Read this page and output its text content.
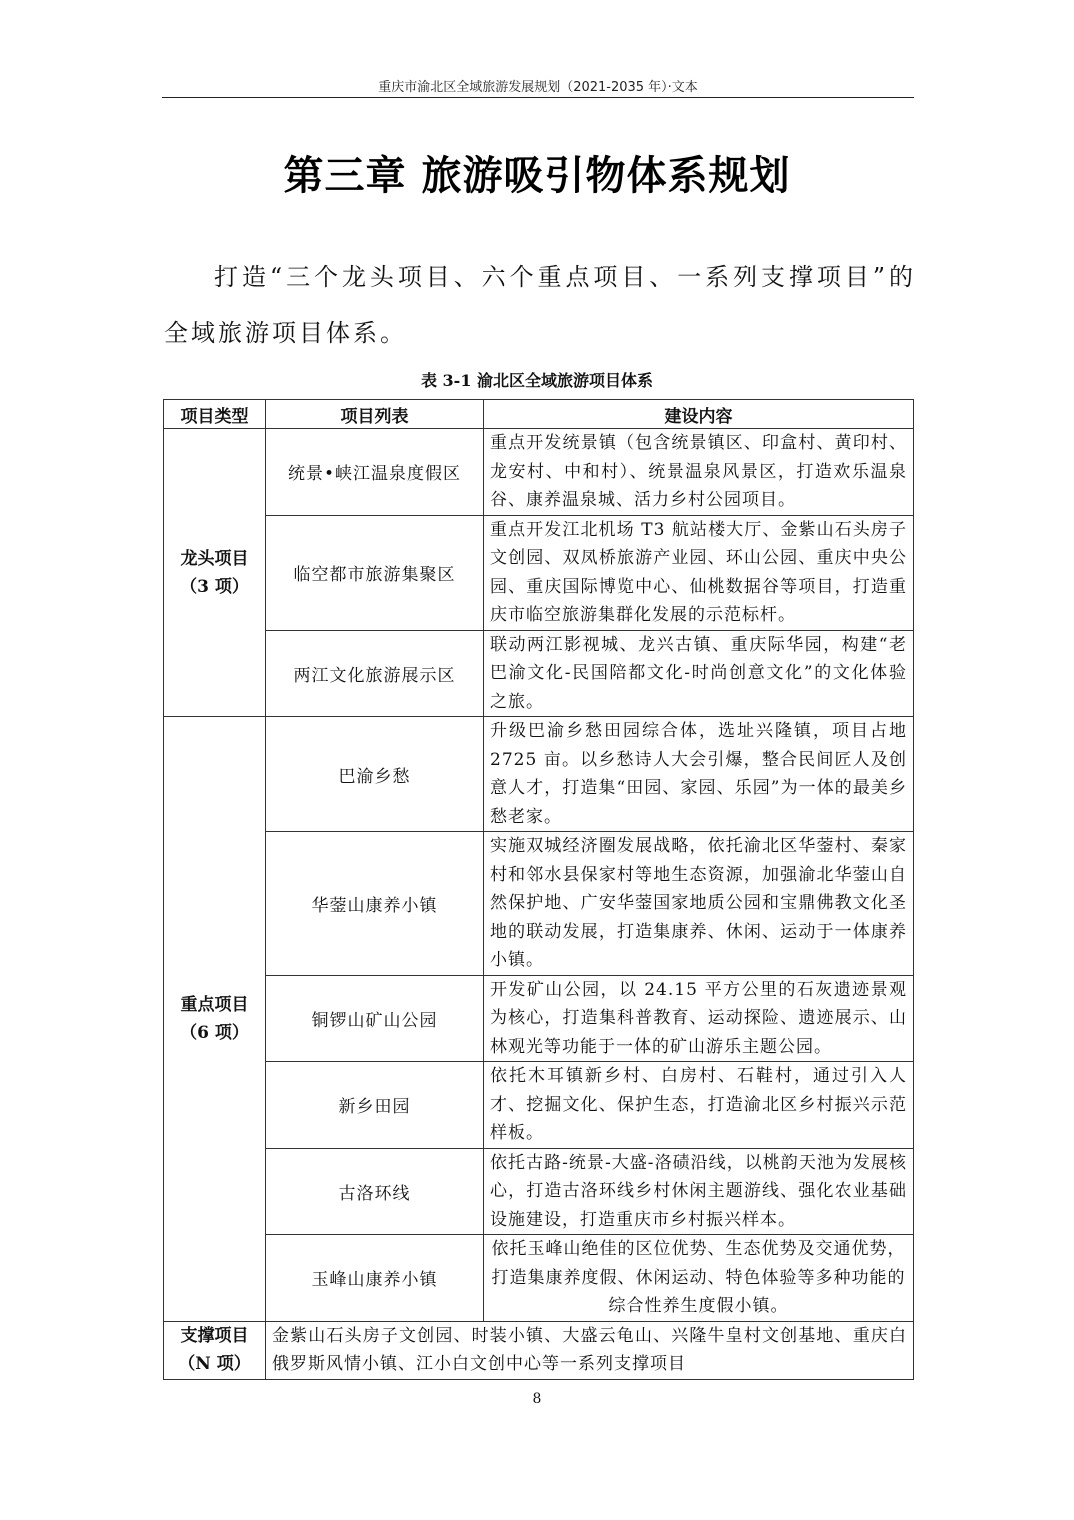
重庆市渝北区全域旅游发展规划（2021-2035 年）·文本
第三章 旅游吸引物体系规划
打造“三个龙头项目、六个重点项目、一系列支撑项目”的全域旅游项目体系。
表 3-1 渝北区全域旅游项目体系
项目类型	项目列表	建设内容

龙头项目
（3 项）	统景•峡江温泉度假区	重点开发统景镇（包含统景镇区、印盒村、黄印村、龙安村、中和村）、统景温泉风景区，打造欢乐温泉谷、康养温泉城、活力乡村公园项目。
	临空都市旅游集聚区	重点开发江北机场 T3 航站楼大厅、金紫山石头房子文创园、双凤桥旅游产业园、环山公园、重庆中央公园、重庆国际博览中心、仙桃数据谷等项目，打造重庆市临空旅游集群化发展的示范标杆。
	两江文化旅游展示区	联动两江影视城、龙兴古镇、重庆际华园，构建“老巴渝文化-民国陪都文化-时尚创意文化”的文化体验之旅。

重点项目
（6 项）	巴渝乡愁	升级巴渝乡愁田园综合体，选址兴隆镇，项目占地 2725 亩。以乡愁诗人大会引爆，整合民间匠人及创意人才，打造集“田园、家园、乐园”为一体的最美乡愁老家。
	华蓥山康养小镇	实施双城经济圈发展战略，依托渝北区华蓥村、秦家村和邻水县保家村等地生态资源，加强渝北华蓥山自然保护地、广安华蓥国家地质公园和宝鼎佛教文化圣地的联动发展，打造集康养、休闲、运动于一体康养小镇。
	铜锣山矿山公园	开发矿山公园，以 24.15 平方公里的石灰遗迹景观为核心，打造集科普教育、运动探险、遗迹展示、山林观光等功能于一体的矿山游乐主题公园。
	新乡田园	依托木耳镇新乡村、白房村、石鞋村，通过引入人才、挖掘文化、保护生态，打造渝北区乡村振兴示范样板。
	古洛环线	依托古路-统景-大盛-洛碛沿线，以桃韵天池为发展核心，打造古洛环线乡村休闲主题游线、强化农业基础设施建设，打造重庆市乡村振兴样本。
	玉峰山康养小镇	依托玉峰山绝佳的区位优势、生态优势及交通优势，打造集康养度假、休闲运动、特色体验等多种功能的综合性养生度假小镇。

支撑项目
（N 项）	金紫山石头房子文创园、时装小镇、大盛云龟山、兴隆牛皇村文创基地、重庆白俄罗斯风情小镇、江小白文创中心等一系列支撑项目	
8
